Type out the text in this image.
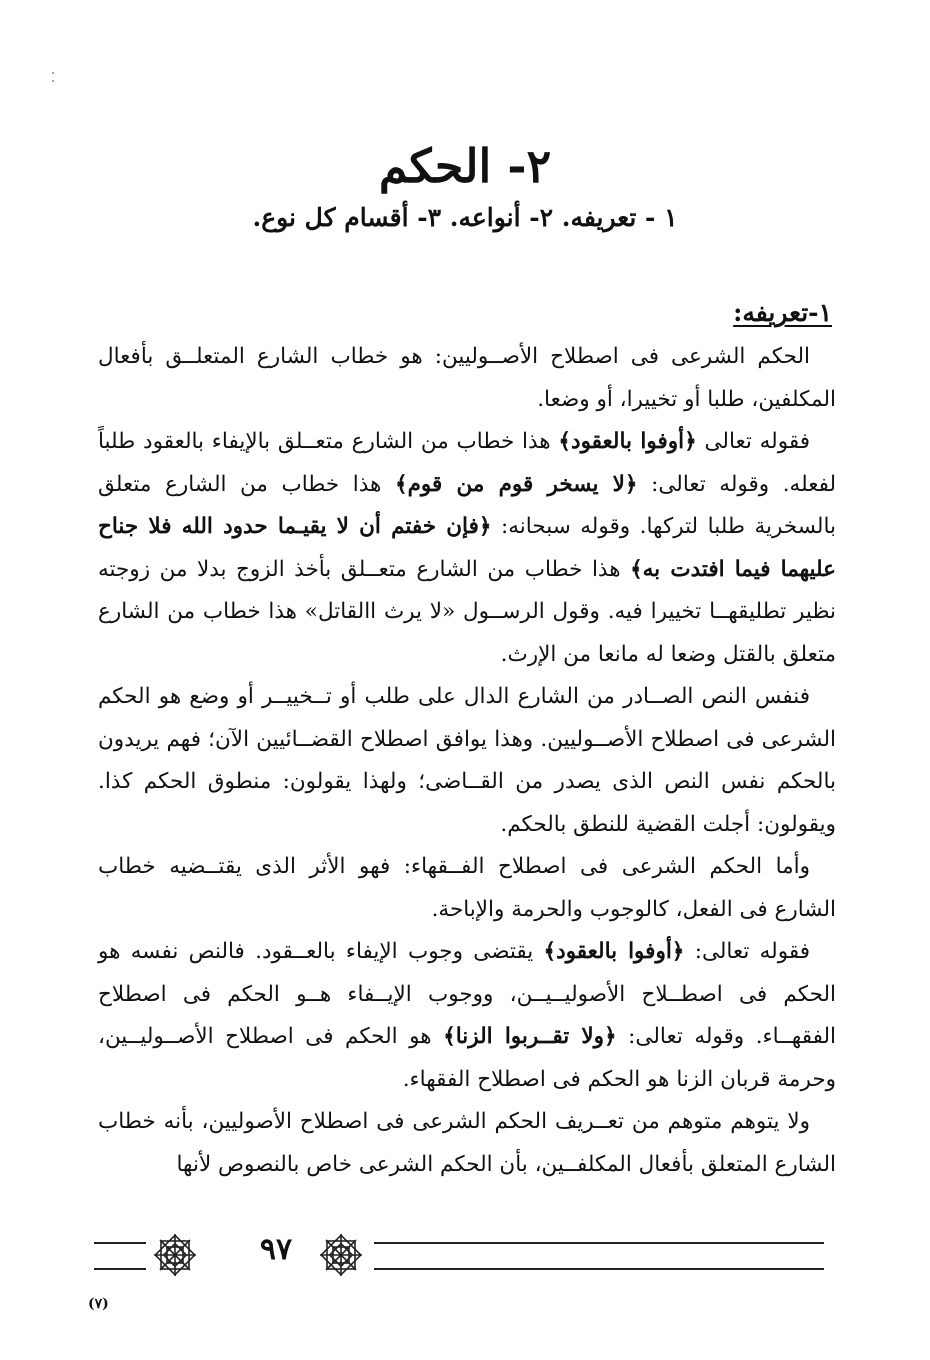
٢- الحكم
١ - تعريفه. ٢- أنواعه. ٣- أقسام كل نوع.
١-تعريفه:

الحكم الشرعى فى اصطلاح الأصــوليين: هو خطاب الشارع المتعلــق بأفعال المكلفين، طلبا أو تخييرا، أو وضعا.

فقوله تعالى ﴿أوفوا بالعقود﴾ هذا خطاب من الشارع متعــلق بالإيفاء بالعقود طلباً لفعله. وقوله تعالى: ﴿لا يسخر قوم من قوم﴾ هذا خطاب من الشارع متعلق بالسخرية طلبا لتركها. وقوله سبحانه: ﴿فإن خفتم أن لا يقيـما حدود الله فلا جناح عليهما فيما افتدت به﴾ هذا خطاب من الشارع متعــلق بأخذ الزوج بدلا من زوجته نظير تطليقهــا تخييرا فيه. وقول الرســول «لا يرث االقاتل» هذا خطاب من الشارع متعلق بالقتل وضعا له مانعا من الإرث.

فنفس النص الصــادر من الشارع الدال على طلب أو تــخييــر أو وضع هو الحكم الشرعى فى اصطلاح الأصــوليين. وهذا يوافق اصطلاح القضــائيين الآن؛ فهم يريدون بالحكم نفس النص الذى يصدر من القــاضى؛ ولهذا يقولون: منطوق الحكم كذا. ويقولون: أجلت القضية للنطق بالحكم.

وأما الحكم الشرعى فى اصطلاح الفــقهاء: فهو الأثر الذى يقتــضيه خطاب الشارع فى الفعل، كالوجوب والحرمة والإباحة.

فقوله تعالى: ﴿أوفوا بالعقود﴾ يقتضى وجوب الإيفاء بالعــقود. فالنص نفسه هو الحكم فى اصطــلاح الأصوليــيــن، ووجوب الإيــفاء هــو الحكم فى اصطلاح الفقهــاء. وقوله تعالى: ﴿ولا تقــربوا الزنا﴾ هو الحكم فى اصطلاح الأصــوليــين، وحرمة قربان الزنا هو الحكم فى اصطلاح الفقهاء.

ولا يتوهم متوهم من تعــريف الحكم الشرعى فى اصطلاح الأصوليين، بأنه خطاب الشارع المتعلق بأفعال المكلفــين، بأن الحكم الشرعى خاص بالنصوص لأنها

٩٧
(٧)
